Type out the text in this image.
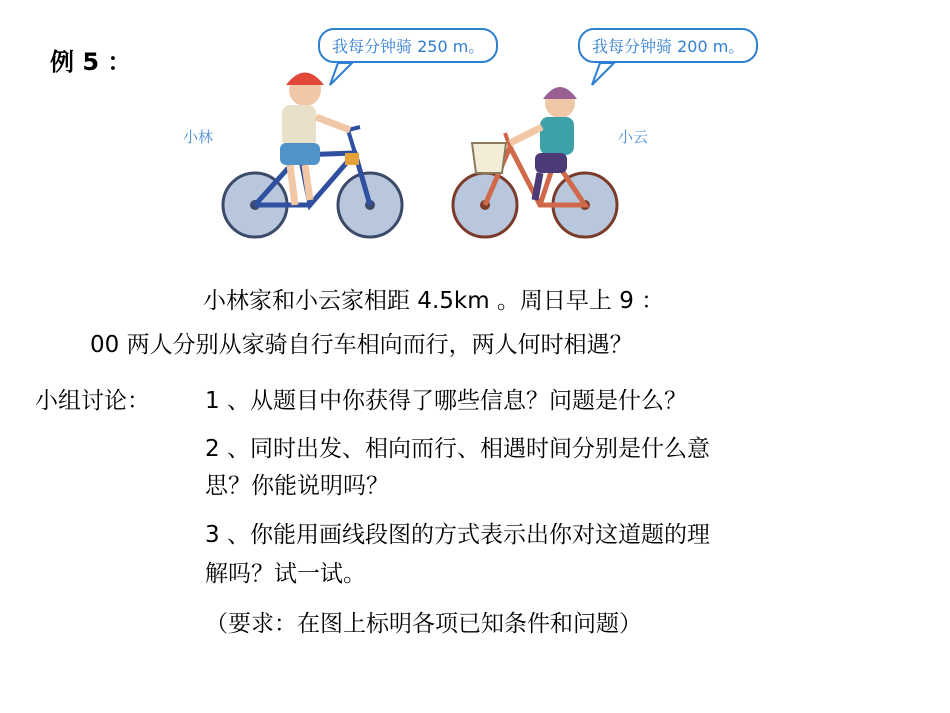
例 5 ：
我每分钟骑 250 m。	我每分钟骑 200 m。
小林	小云
小林家和小云家相距 4.5km 。周日早上 9 ：
00 两人分别从家骑自行车相向而行，两人何时相遇？
小组讨论： 1 、从题目中你获得了哪些信息？问题是什么？
2 、同时出发、相向而行、相遇时间分别是什么意
思？你能说明吗？
3 、你能用画线段图的方式表示出你对这道题的理
解吗？试一试。
（要求：在图上标明各项已知条件和问题）
